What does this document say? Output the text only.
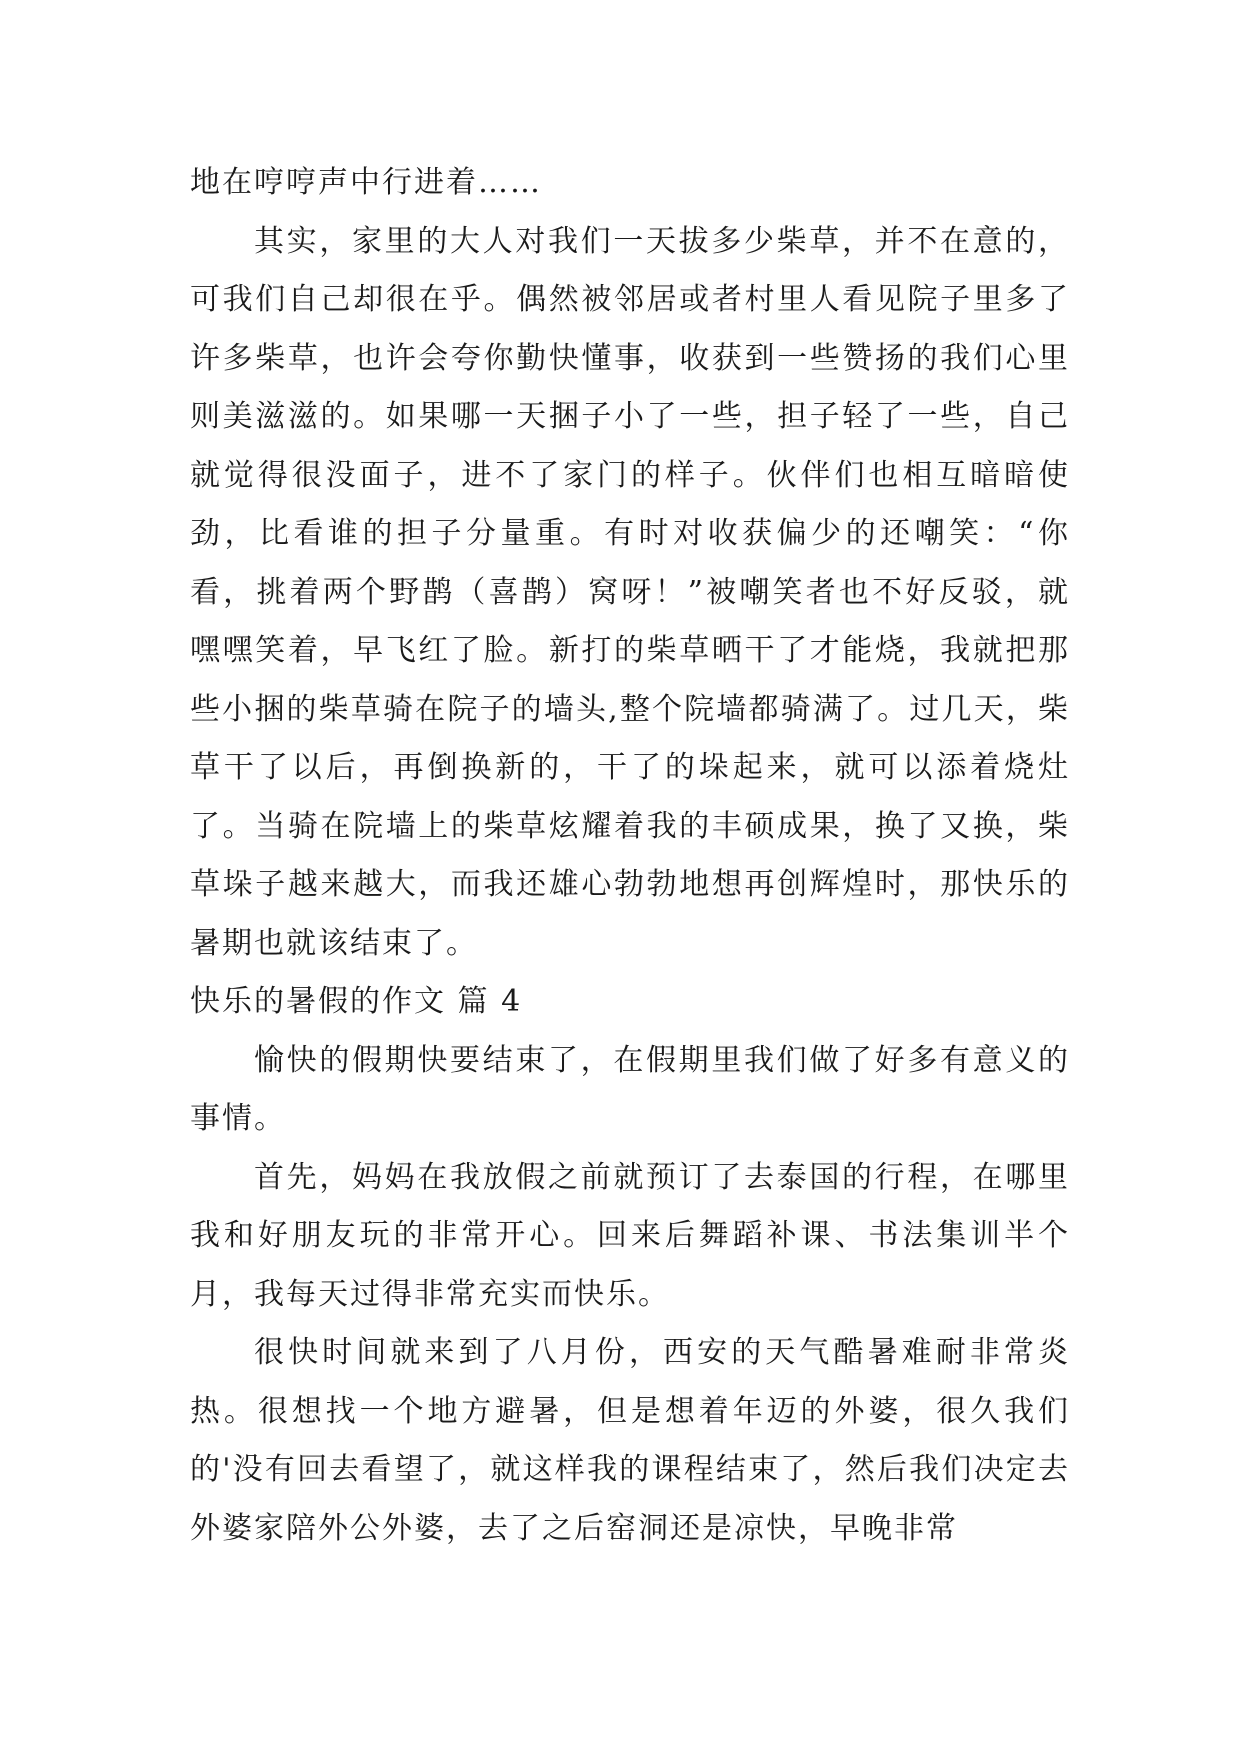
地在哼哼声中行进着……

其实，家里的大人对我们一天拔多少柴草，并不在意的，可我们自己却很在乎。偶然被邻居或者村里人看见院子里多了许多柴草，也许会夸你勤快懂事，收获到一些赞扬的我们心里则美滋滋的。如果哪一天捆子小了一些，担子轻了一些，自己就觉得很没面子，进不了家门的样子。伙伴们也相互暗暗使劲，比看谁的担子分量重。有时对收获偏少的还嘲笑：“你看，挑着两个野鹊（喜鹊）窝呀！”被嘲笑者也不好反驳，就嘿嘿笑着，早飞红了脸。新打的柴草晒干了才能烧，我就把那些小捆的柴草骑在院子的墙头,整个院墙都骑满了。过几天，柴草干了以后，再倒换新的，干了的垛起来，就可以添着烧灶了。当骑在院墙上的柴草炫耀着我的丰硕成果，换了又换，柴草垛子越来越大，而我还雄心勃勃地想再创辉煌时，那快乐的暑期也就该结束了。

快乐的暑假的作文 篇 4

愉快的假期快要结束了，在假期里我们做了好多有意义的事情。

首先，妈妈在我放假之前就预订了去泰国的行程，在哪里我和好朋友玩的非常开心。回来后舞蹈补课、书法集训半个月，我每天过得非常充实而快乐。

很快时间就来到了八月份，西安的天气酷暑难耐非常炎热。很想找一个地方避暑，但是想着年迈的外婆，很久我们的'没有回去看望了，就这样我的课程结束了，然后我们决定去外婆家陪外公外婆，去了之后窑洞还是凉快，早晚非常
